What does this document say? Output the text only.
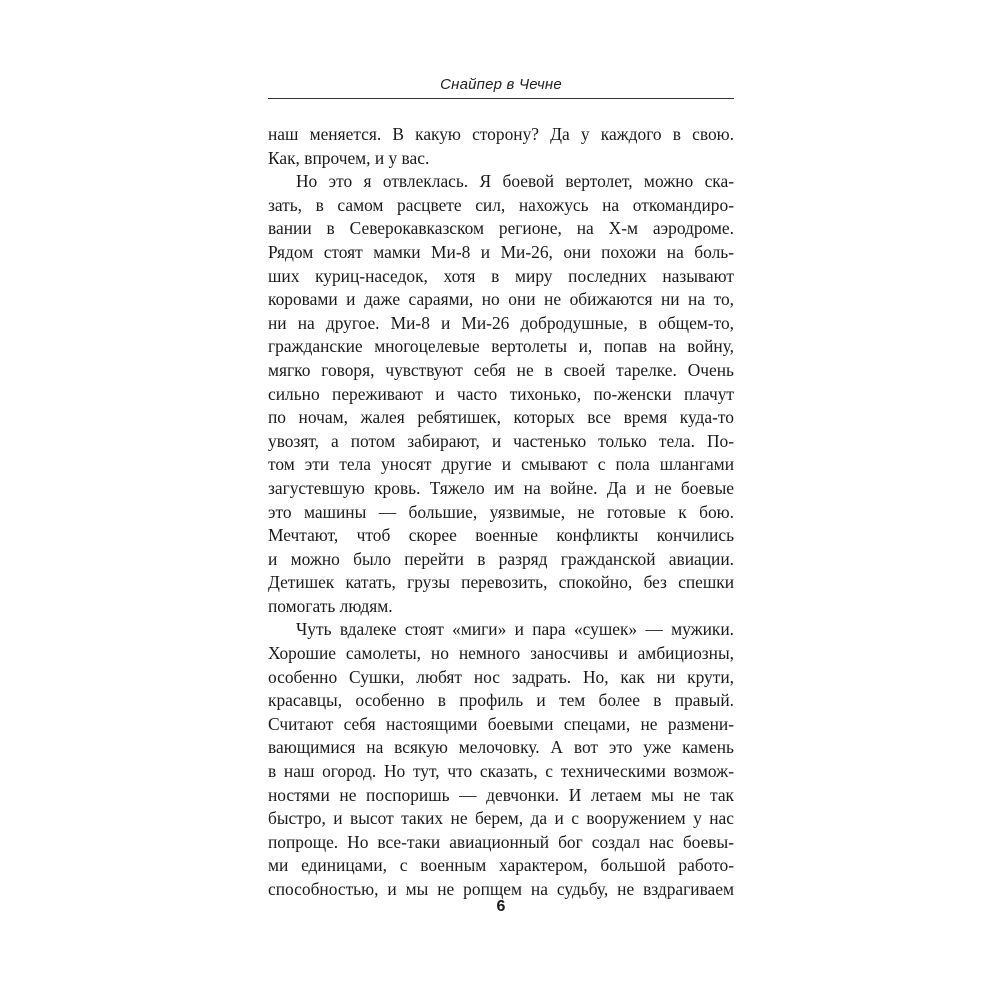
Снайпер в Чечне
наш меняется. В какую сторону? Да у каждого в свою.
Как, впрочем, и у вас.
Но это я отвлеклась. Я боевой вертолет, можно ска-
зать, в самом расцвете сил, нахожусь на откомандиро-
вании в Северокавказском регионе, на Х-м аэродроме.
Рядом стоят мамки Ми-8 и Ми-26, они похожи на боль-
ших куриц-наседок, хотя в миру последних называют
коровами и даже сараями, но они не обижаются ни на то,
ни на другое. Ми-8 и Ми-26 добродушные, в общем-то,
гражданские многоцелевые вертолеты и, попав на войну,
мягко говоря, чувствуют себя не в своей тарелке. Очень
сильно переживают и часто тихонько, по-женски плачут
по ночам, жалея ребятишек, которых все время куда-то
увозят, а потом забирают, и частенько только тела. По-
том эти тела уносят другие и смывают с пола шлангами
загустевшую кровь. Тяжело им на войне. Да и не боевые
это машины — большие, уязвимые, не готовые к бою.
Мечтают, чтоб скорее военные конфликты кончились
и можно было перейти в разряд гражданской авиации.
Детишек катать, грузы перевозить, спокойно, без спешки
помогать людям.
Чуть вдалеке стоят «миги» и пара «сушек» — мужики.
Хорошие самолеты, но немного заносчивы и амбициозны,
особенно Сушки, любят нос задрать. Но, как ни крути,
красавцы, особенно в профиль и тем более в правый.
Считают себя настоящими боевыми спецами, не размени-
вающимися на всякую мелочовку. А вот это уже камень
в наш огород. Но тут, что сказать, с техническими возмож-
ностями не поспоришь — девчонки. И летаем мы не так
быстро, и высот таких не берем, да и с вооружением у нас
попроще. Но все-таки авиационный бог создал нас боевы-
ми единицами, с военным характером, большой работо-
способностью, и мы не ропщем на судьбу, не вздрагиваем
6
